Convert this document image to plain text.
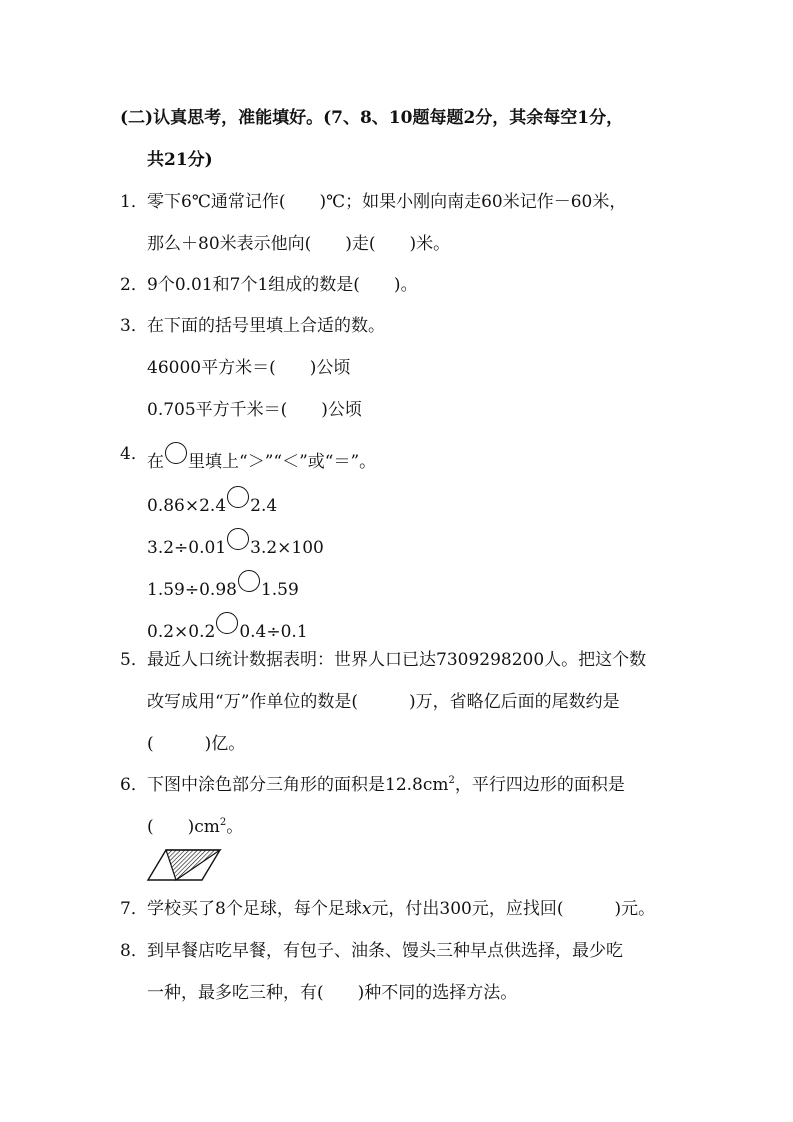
(二)认真思考，准能填好。(7、8、10题每题2分，其余每空1分，
共21分)
1． 零下6℃通常记作(　　)℃；如果小刚向南走60米记作－60米，
那么＋80米表示他向(　　)走(　　)米。
2． 9个0.01和7个1组成的数是(　　)。
3． 在下面的括号里填上合适的数。
46000平方米＝(　　)公顷
0.705平方千米＝(　　)公顷
4． 在 里填上“＞”“＜”或“＝”。
0.86×2.4 2.4
3.2÷0.01 3.2×100
1.59÷0.98 1.59
0.2×0.2 0.4÷0.1
5． 最近人口统计数据表明：世界人口已达7309298200人。把这个数
改写成用“万”作单位的数是(　　　)万，省略亿后面的尾数约是
(　　　)亿。
6． 下图中涂色部分三角形的面积是$12.8cm^2$，平行四边形的面积是
(　　)$cm^2$。
7． 学校买了8个足球，每个足球x元，付出300元，应找回(　　　)元。
8． 到早餐店吃早餐，有包子、油条、馒头三种早点供选择，最少吃
一种，最多吃三种，有(　　)种不同的选择方法。
